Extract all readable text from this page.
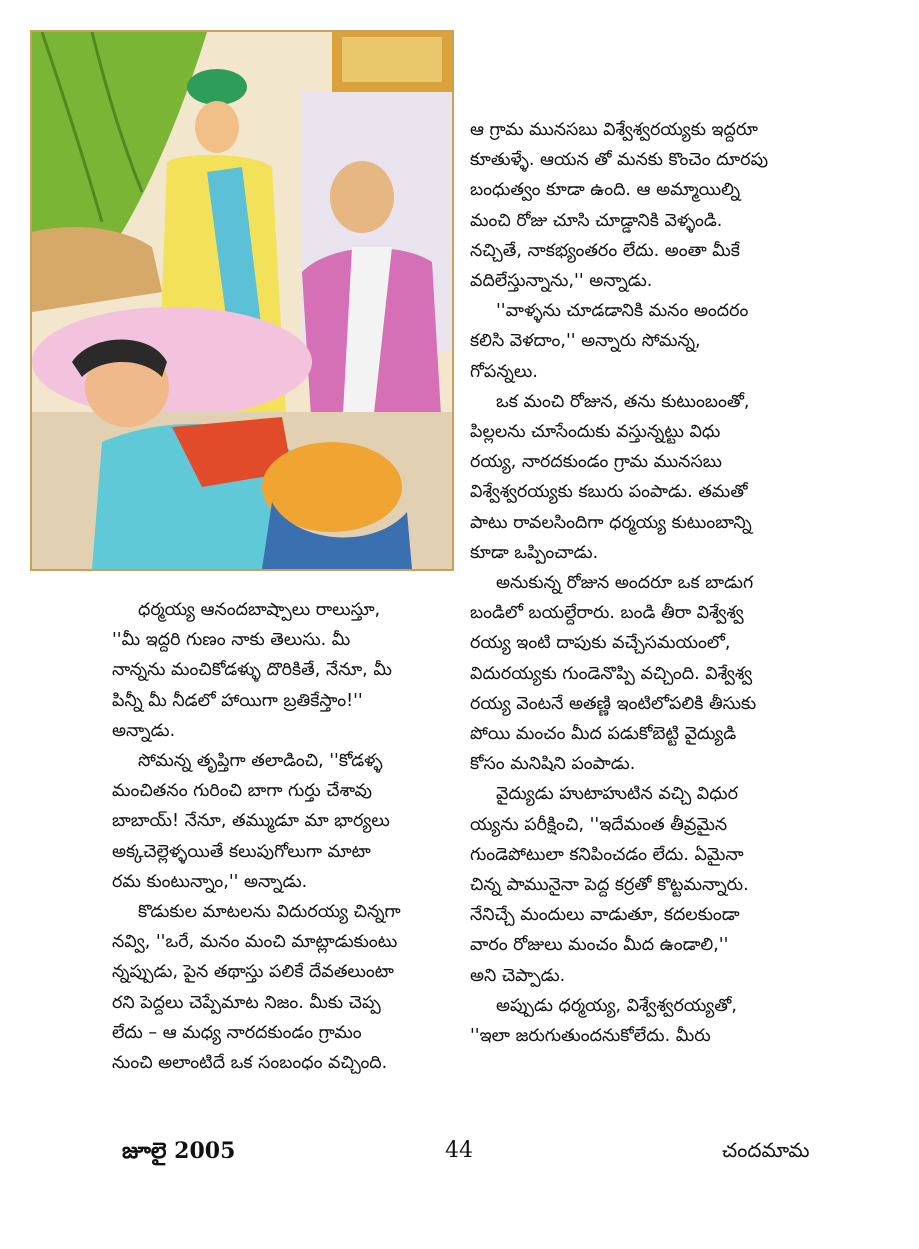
ఆ గ్రామ మునసబు విశ్వేశ్వరయ్యకు ఇద్దరూ
కూతుళ్ళే. ఆయన తో మనకు కొంచెం దూరపు
బంధుత్వం కూడా ఉంది. ఆ అమ్మాయిల్ని
మంచి రోజు చూసి చూడ్డానికి వెళ్ళండి.
నచ్చితే, నాకభ్యంతరం లేదు. అంతా మీకే
వదిలేస్తున్నాను,'' అన్నాడు.
''వాళ్ళను చూడడానికి మనం అందరం
కలిసి వెళదాం,'' అన్నారు సోమన్న,
గోపన్నలు.
ఒక మంచి రోజున, తను కుటుంబంతో,
పిల్లలను చూసేందుకు వస్తున్నట్టు విధు
రయ్య, నారదకుండం గ్రామ మునసబు
విశ్వేశ్వరయ్యకు కబురు పంపాడు. తమతో
పాటు రావలసిందిగా ధర్మయ్య కుటుంబాన్ని
కూడా ఒప్పించాడు.
అనుకున్న రోజున అందరూ ఒక బాడుగ
బండిలో బయల్దేరారు. బండి తీరా విశ్వేశ్వ
రయ్య ఇంటి దాపుకు వచ్చేసమయంలో,
విదురయ్యకు గుండెనొప్పి వచ్చింది. విశ్వేశ్వ
రయ్య వెంటనే అతణ్ణి ఇంటిలోపలికి తీసుకు
పోయి మంచం మీద పడుకోబెట్టి వైద్యుడి
కోసం మనిషిని పంపాడు.
వైద్యుడు హుటాహుటిన వచ్చి విధుర
య్యను పరీక్షించి, ''ఇదేమంత తీవ్రమైన
గుండెపోటులా కనిపించడం లేదు. ఏమైనా
చిన్న పామునైనా పెద్ద కర్రతో కొట్టమన్నారు.
నేనిచ్చే మందులు వాడుతూ, కదలకుండా
వారం రోజులు మంచం మీద ఉండాలి,''
అని చెప్పాడు.
అప్పుడు ధర్మయ్య, విశ్వేశ్వరయ్యతో,
''ఇలా జరుగుతుందనుకోలేదు. మీరు
ధర్మయ్య ఆనందబాష్పాలు రాలుస్తూ,
''మీ ఇద్దరి గుణం నాకు తెలుసు. మీ
నాన్నను మంచికోడళ్ళు దొరికితే, నేనూ, మీ
పిన్నీ మీ నీడలో హాయిగా బ్రతికేస్తాం!''
అన్నాడు.
సోమన్న తృప్తిగా తలాడించి, ''కోడళ్ళ
మంచితనం గురించి బాగా గుర్తు చేశావు
బాబాయ్! నేనూ, తమ్ముడూ మా భార్యలు
అక్కచెల్లెళ్ళయితే కలుపుగోలుగా మాటా
రమ కుంటున్నాం,'' అన్నాడు.
కొడుకుల మాటలను విదురయ్య చిన్నగా
నవ్వి, ''ఒరే, మనం మంచి మాట్లాడుకుంటు
న్నప్పుడు, పైన తథాస్తు పలికే దేవతలుంటా
రని పెద్దలు చెప్పేమాట నిజం. మీకు చెప్ప
లేదు – ఆ మధ్య నారదకుండం గ్రామం
నుంచి అలాంటిదే ఒక సంబంధం వచ్చింది.
జూలై 2005	44	చందమామ
